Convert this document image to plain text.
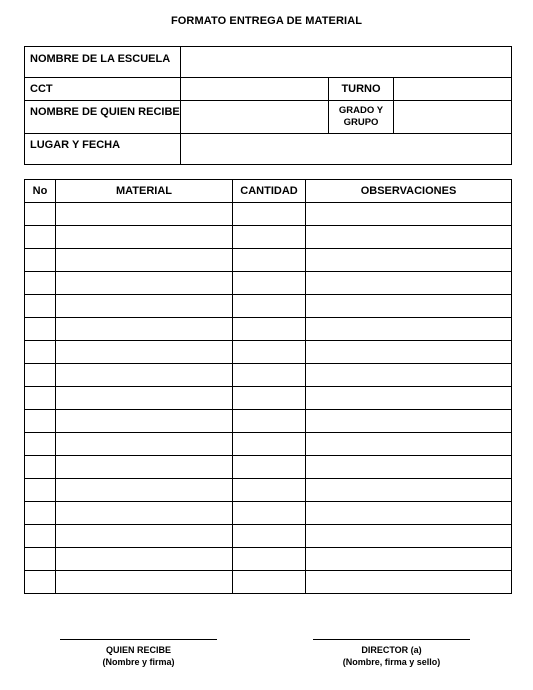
FORMATO ENTREGA DE MATERIAL
NOMBRE DE LA ESCUELA			
CCT		TURNO	
NOMBRE DE QUIEN RECIBE		GRADO Y
GRUPO	

LUGAR Y FECHA			
No	MATERIAL	CANTIDAD	OBSERVACIONES

QUIEN RECIBE
(Nombre y firma)
DIRECTOR (a)
(Nombre, firma y sello)
